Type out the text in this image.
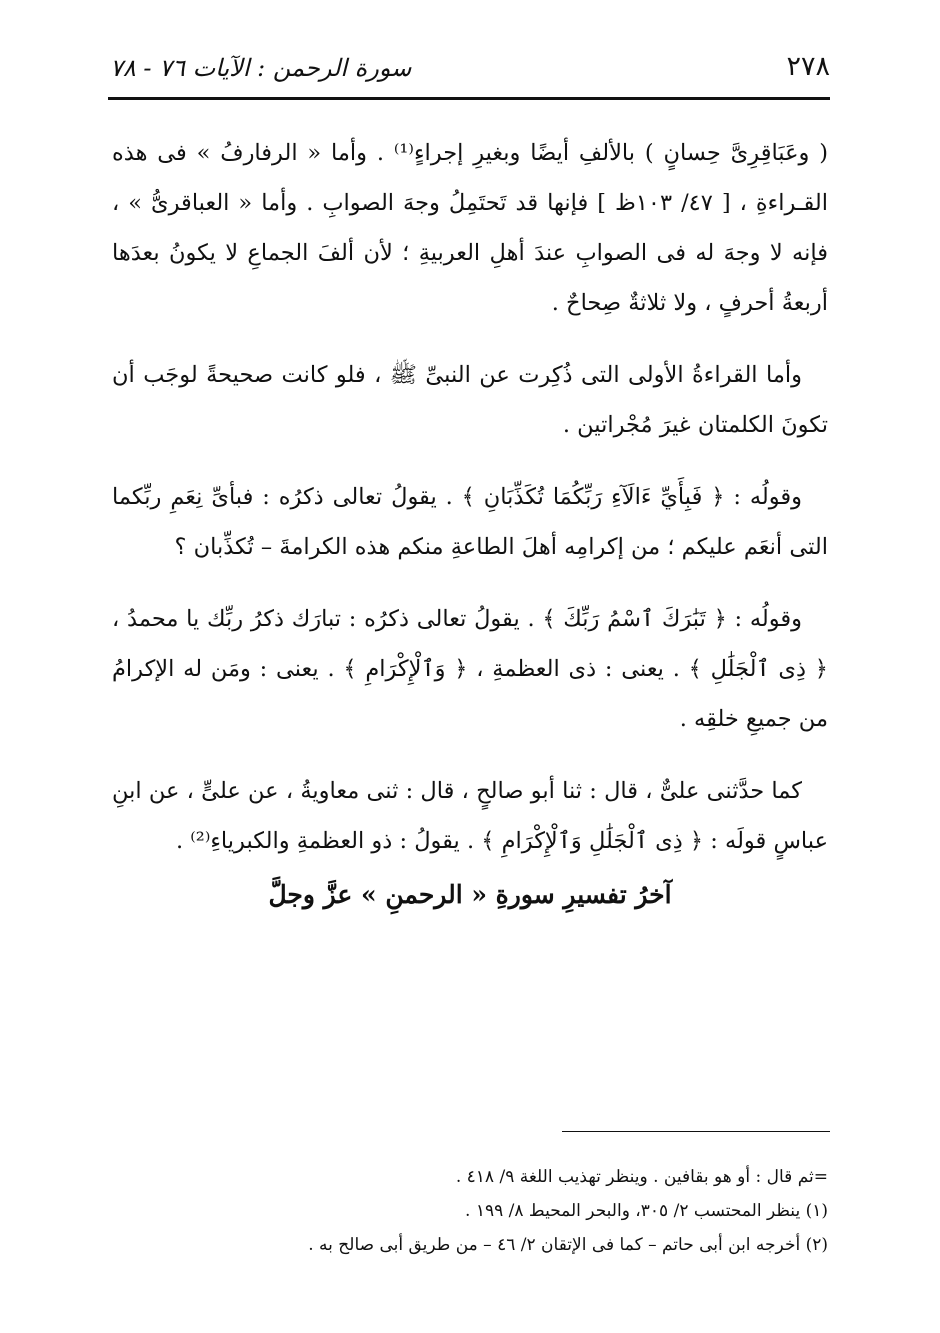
٢٧٨
سورة الرحمن : الآيات ٧٦ - ٧٨

( وعَبَاقِرِىَّ حِسانٍ ) بالألفِ أيضًا وبغيرِ إجراءٍ⁽¹⁾ . وأما « الرفارفُ » فى هذه القـراءةِ ، [ ٤٧/ ١٠٣ظ ] فإنها قد تَحتَمِلُ وجهَ الصوابِ . وأما « العباقرىُّ » ، فإنه لا وجهَ له فى الصوابِ عندَ أهلِ العربيةِ ؛ لأن ألفَ الجماعِ لا يكونُ بعدَها أربعةُ أحرفٍ ، ولا ثلاثةٌ صِحاحٌ .

وأما القراءةُ الأولى التى ذُكِرت عن النبىِّ ﷺ ، فلو كانت صحيحةً لوجَب أن تكونَ الكلمتان غيرَ مُجْراتين .

وقولُه : ﴿ فَبِأَيِّ ءَالَآءِ رَبِّكُمَا تُكَذِّبَانِ ﴾ . يقولُ تعالى ذكرُه : فبأىِّ نِعَمِ ربِّكما التى أنعَم عليكم ؛ من إكرامِه أهلَ الطاعةِ منكم هذه الكرامةَ – تُكذِّبان ؟

وقولُه : ﴿ تَبَٰرَكَ ٱسْمُ رَبِّكَ ﴾ . يقولُ تعالى ذكرُه : تبارَك ذكرُ ربِّك يا محمدُ ، ﴿ ذِى ٱلْجَلَٰلِ ﴾ . يعنى : ذى العظمةِ ، ﴿ وَٱلْإِكْرَامِ ﴾ . يعنى : ومَن له الإكرامُ من جميعِ خلقِه .

كما حدَّثنى علىٌّ ، قال : ثنا أبو صالحٍ ، قال : ثنى معاويةُ ، عن علىٍّ ، عن ابنِ عباسٍ قولَه : ﴿ ذِى ٱلْجَلَٰلِ وَٱلْإِكْرَامِ ﴾ . يقولُ : ذو العظمةِ والكبرياءِ⁽²⁾ .

آخرُ تفسيرِ سورةِ « الرحمنِ » عزَّ وجلَّ
=ثم قال : أو هو بقافين . وينظر تهذيب اللغة ٩/ ٤١٨ .
(١) ينظر المحتسب ٢/ ٣٠٥، والبحر المحيط ٨/ ١٩٩ .
(٢) أخرجه ابن أبى حاتم – كما فى الإتقان ٢/ ٤٦ – من طريق أبى صالح به .
